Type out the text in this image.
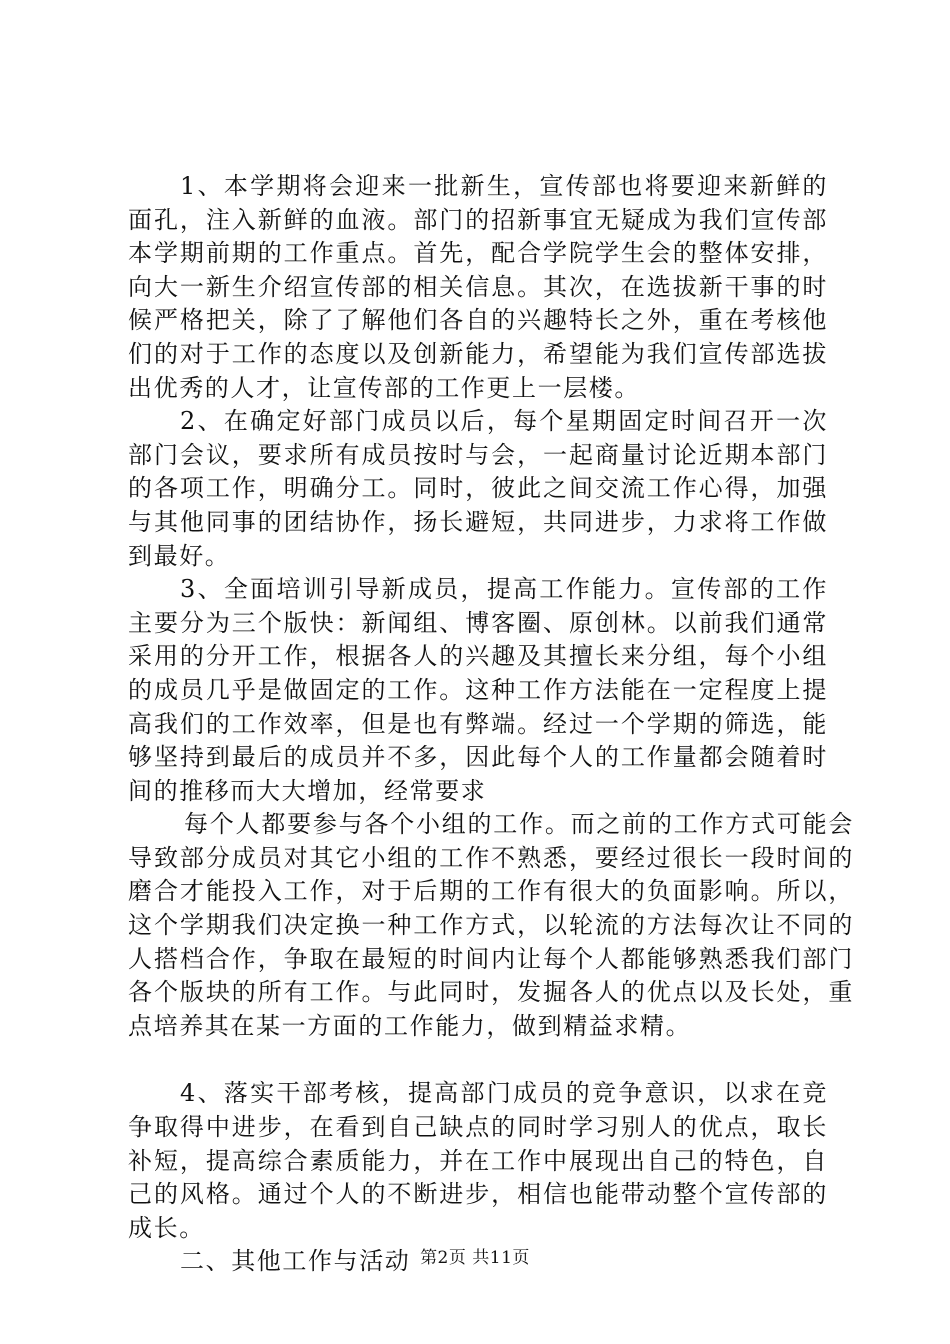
1、本学期将会迎来一批新生，宣传部也将要迎来新鲜的面孔，注入新鲜的血液。部门的招新事宜无疑成为我们宣传部本学期前期的工作重点。首先，配合学院学生会的整体安排，向大一新生介绍宣传部的相关信息。其次，在选拔新干事的时候严格把关，除了了解他们各自的兴趣特长之外，重在考核他们的对于工作的态度以及创新能力，希望能为我们宣传部选拔出优秀的人才，让宣传部的工作更上一层楼。

2、在确定好部门成员以后，每个星期固定时间召开一次部门会议，要求所有成员按时与会，一起商量讨论近期本部门的各项工作，明确分工。同时，彼此之间交流工作心得，加强与其他同事的团结协作，扬长避短，共同进步，力求将工作做到最好。

3、全面培训引导新成员，提高工作能力。宣传部的工作主要分为三个版快：新闻组、博客圈、原创林。以前我们通常采用的分开工作，根据各人的兴趣及其擅长来分组，每个小组的成员几乎是做固定的工作。这种工作方法能在一定程度上提高我们的工作效率，但是也有弊端。经过一个学期的筛选，能够坚持到最后的成员并不多，因此每个人的工作量都会随着时间的推移而大大增加，经常要求

每个人都要参与各个小组的工作。而之前的工作方式可能会导致部分成员对其它小组的工作不熟悉，要经过很长一段时间的磨合才能投入工作，对于后期的工作有很大的负面影响。所以，这个学期我们决定换一种工作方式，以轮流的方法每次让不同的人搭档合作，争取在最短的时间内让每个人都能够熟悉我们部门各个版块的所有工作。与此同时，发掘各人的优点以及长处，重点培养其在某一方面的工作能力，做到精益求精。

4、落实干部考核，提高部门成员的竞争意识，以求在竞争取得中进步，在看到自己缺点的同时学习别人的优点，取长补短，提高综合素质能力，并在工作中展现出自己的特色，自己的风格。通过个人的不断进步，相信也能带动整个宣传部的成长。

二、其他工作与活动 第2页 共11页
